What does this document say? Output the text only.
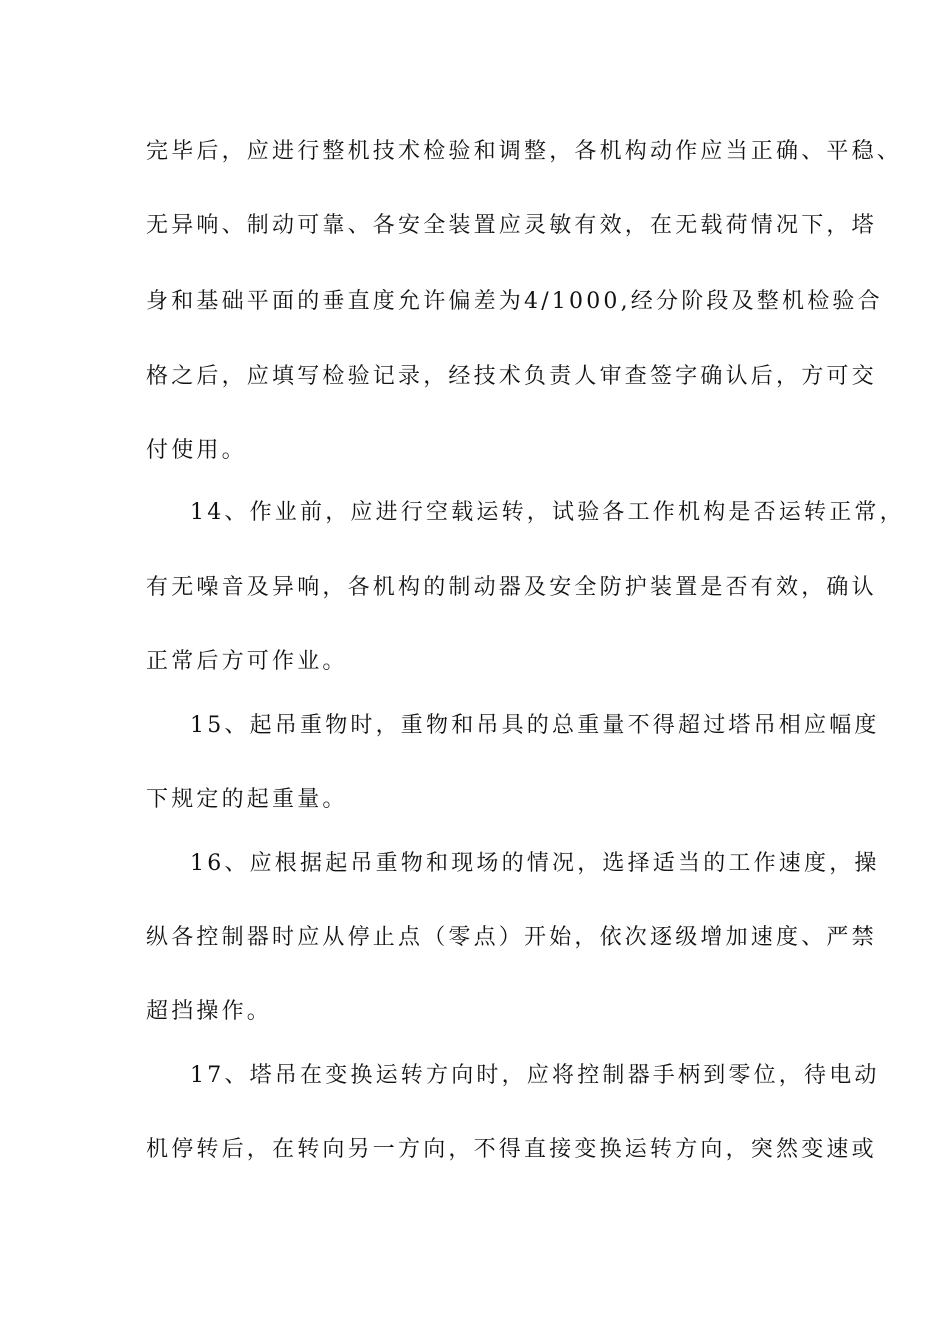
完毕后，应进行整机技术检验和调整，各机构动作应当正确、平稳、
无异响、制动可靠、各安全装置应灵敏有效，在无载荷情况下，塔
身和基础平面的垂直度允许偏差为4/1000,经分阶段及整机检验合
格之后，应填写检验记录，经技术负责人审查签字确认后，方可交
付使用。
14、作业前，应进行空载运转，试验各工作机构是否运转正常，
有无噪音及异响，各机构的制动器及安全防护装置是否有效，确认
正常后方可作业。
15、起吊重物时，重物和吊具的总重量不得超过塔吊相应幅度
下规定的起重量。
16、应根据起吊重物和现场的情况，选择适当的工作速度，操
纵各控制器时应从停止点（零点）开始，依次逐级增加速度、严禁
超挡操作。
17、塔吊在变换运转方向时，应将控制器手柄到零位，待电动
机停转后，在转向另一方向，不得直接变换运转方向，突然变速或
